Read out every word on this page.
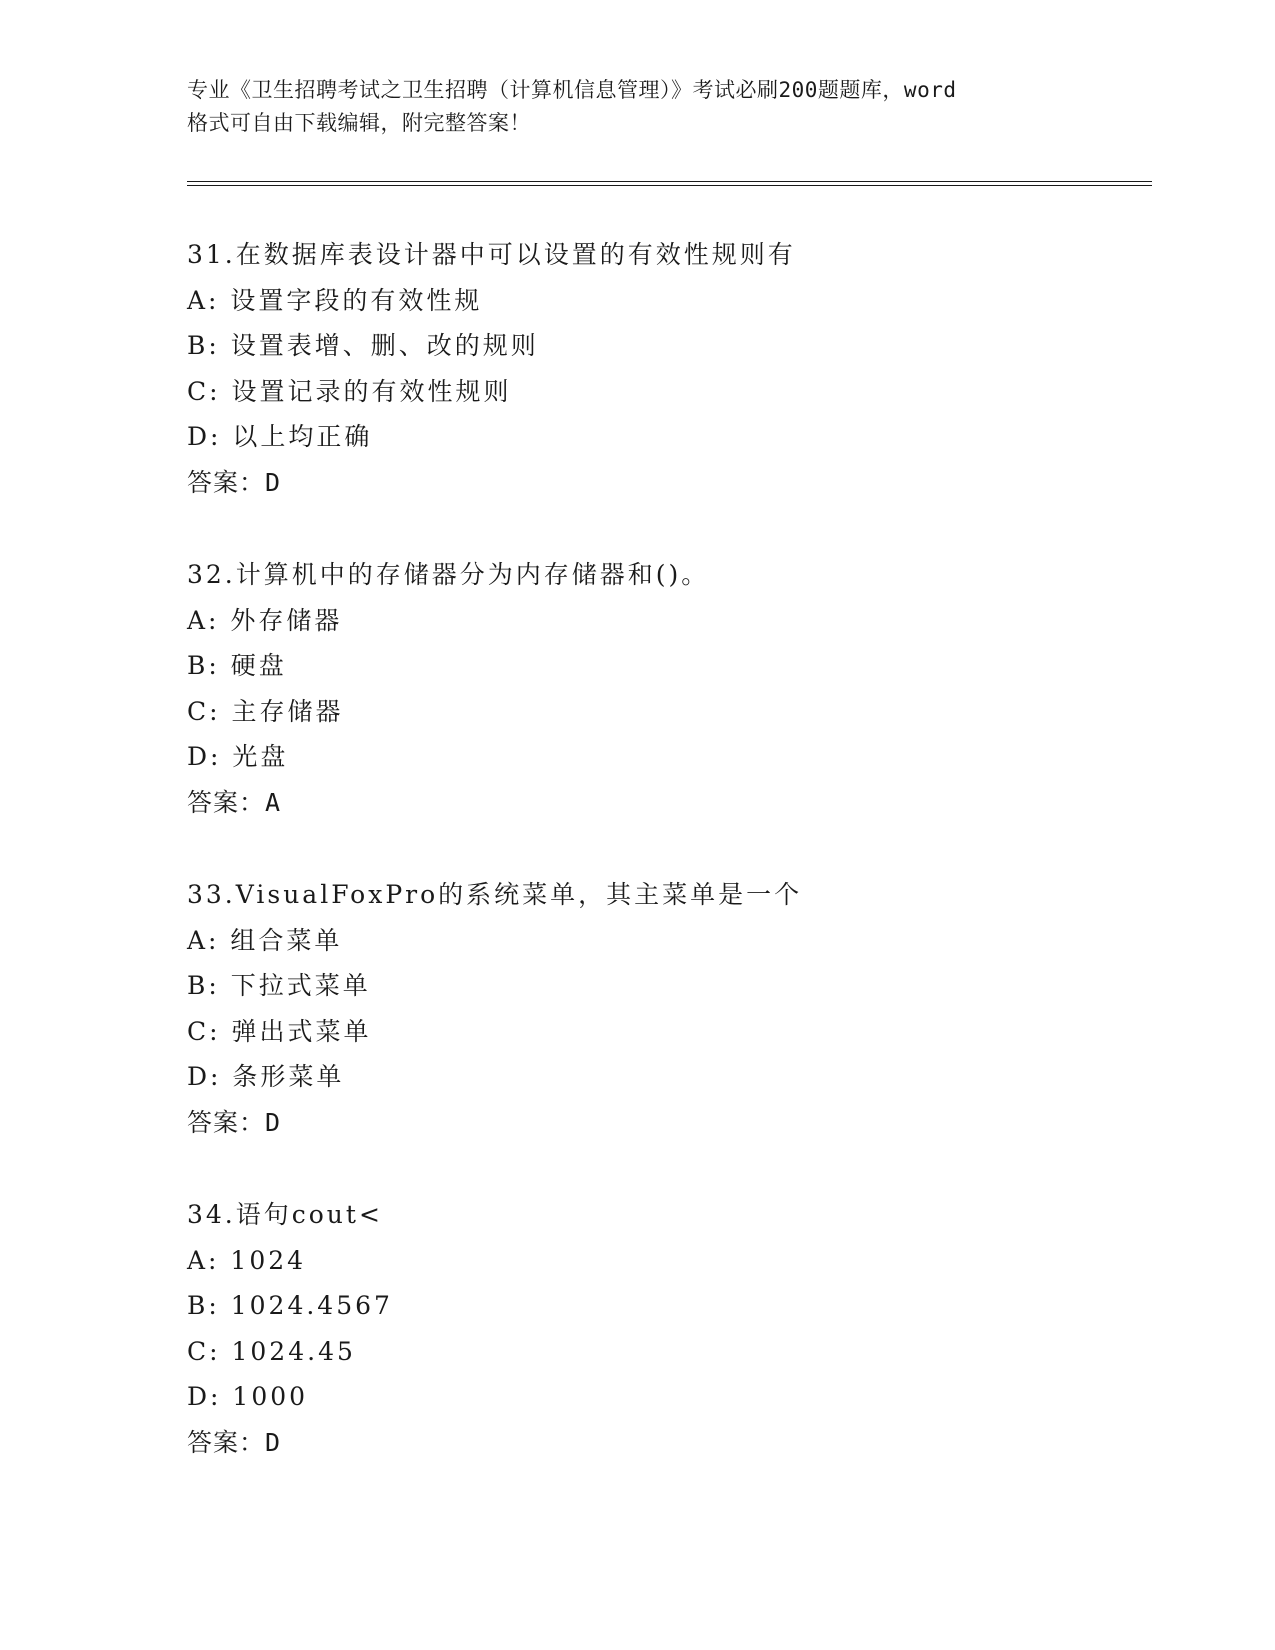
专业《卫生招聘考试之卫生招聘（计算机信息管理）》考试必刷200题题库，word
格式可自由下载编辑，附完整答案！
31.在数据库表设计器中可以设置的有效性规则有
A: 设置字段的有效性规
B: 设置表增、删、改的规则
C: 设置记录的有效性规则
D: 以上均正确
答案：D
32.计算机中的存储器分为内存储器和()。
A: 外存储器
B: 硬盘
C: 主存储器
D: 光盘
答案：A
33.VisualFoxPro的系统菜单，其主菜单是一个
A: 组合菜单
B: 下拉式菜单
C: 弹出式菜单
D: 条形菜单
答案：D
34.语句cout<
A: 1024
B: 1024.4567
C: 1024.45
D: 1000
答案：D
